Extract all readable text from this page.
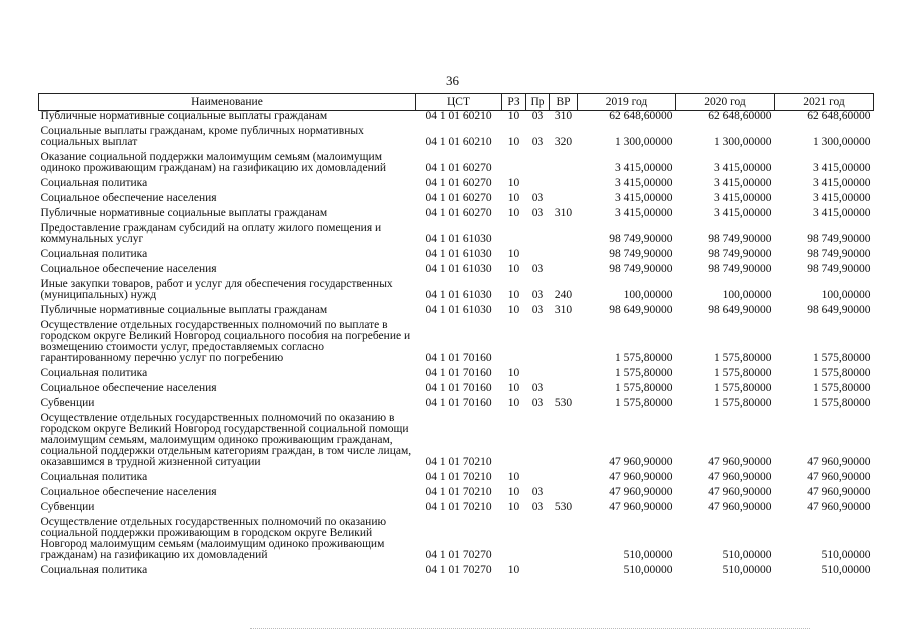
36
Наименование	ЦСТ	РЗ	Пр	ВР	2019 год	2020 год	2021 год
Публичные нормативные социальные выплаты гражданам	04 1 01 60210	10	03	310	62 648,60000	62 648,60000	62 648,60000
Социальные выплаты гражданам, кроме публичных нормативных социальных выплат	04 1 01 60210	10	03	320	1 300,00000	1 300,00000	1 300,00000
Оказание социальной поддержки малоимущим семьям (малоимущим одиноко проживающим гражданам) на газификацию их домовладений	04 1 01 60270				3 415,00000	3 415,00000	3 415,00000
Социальная политика	04 1 01 60270	10			3 415,00000	3 415,00000	3 415,00000
Социальное обеспечение населения	04 1 01 60270	10	03		3 415,00000	3 415,00000	3 415,00000
Публичные нормативные социальные выплаты гражданам	04 1 01 60270	10	03	310	3 415,00000	3 415,00000	3 415,00000
Предоставление гражданам субсидий на оплату жилого помещения и коммунальных услуг	04 1 01 61030				98 749,90000	98 749,90000	98 749,90000
Социальная политика	04 1 01 61030	10			98 749,90000	98 749,90000	98 749,90000
Социальное обеспечение населения	04 1 01 61030	10	03		98 749,90000	98 749,90000	98 749,90000
Иные закупки товаров, работ и услуг для обеспечения государственных (муниципальных) нужд	04 1 01 61030	10	03	240	100,00000	100,00000	100,00000
Публичные нормативные социальные выплаты гражданам	04 1 01 61030	10	03	310	98 649,90000	98 649,90000	98 649,90000
Осуществление отдельных государственных полномочий по выплате в городском округе Великий Новгород социального пособия на погребение и возмещению стоимости услуг, предоставляемых согласно гарантированному перечню услуг по погребению	04 1 01 70160				1 575,80000	1 575,80000	1 575,80000
Социальная политика	04 1 01 70160	10			1 575,80000	1 575,80000	1 575,80000
Социальное обеспечение населения	04 1 01 70160	10	03		1 575,80000	1 575,80000	1 575,80000
Субвенции	04 1 01 70160	10	03	530	1 575,80000	1 575,80000	1 575,80000
Осуществление отдельных государственных полномочий по оказанию в городском округе Великий Новгород государственной социальной помощи малоимущим семьям, малоимущим одиноко проживающим гражданам, социальной поддержки отдельным категориям граждан, в том числе лицам, оказавшимся в трудной жизненной ситуации	04 1 01 70210				47 960,90000	47 960,90000	47 960,90000
Социальная политика	04 1 01 70210	10			47 960,90000	47 960,90000	47 960,90000
Социальное обеспечение населения	04 1 01 70210	10	03		47 960,90000	47 960,90000	47 960,90000
Субвенции	04 1 01 70210	10	03	530	47 960,90000	47 960,90000	47 960,90000
Осуществление отдельных государственных полномочий по оказанию социальной поддержки проживающим в городском округе Великий Новгород малоимущим семьям (малоимущим одиноко проживающим гражданам) на газификацию их домовладений	04 1 01 70270				510,00000	510,00000	510,00000
Социальная политика	04 1 01 70270	10			510,00000	510,00000	510,00000
